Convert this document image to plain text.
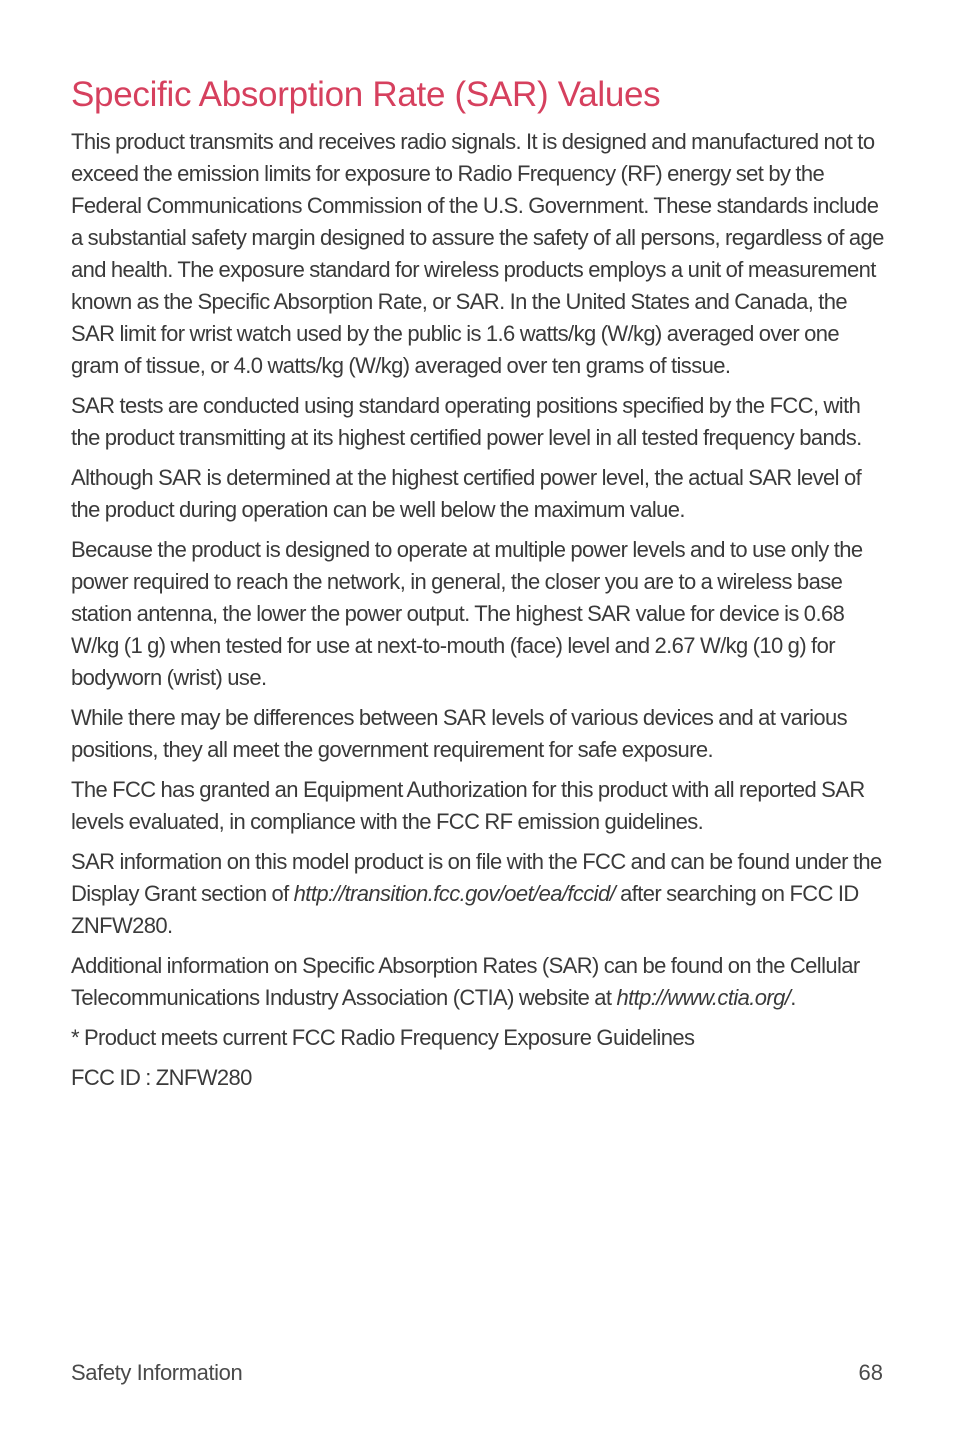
Specific Absorption Rate (SAR) Values

This product transmits and receives radio signals. It is designed and manufactured not to exceed the emission limits for exposure to Radio Frequency (RF) energy set by the Federal Communications Commission of the U.S. Government. These standards include a substantial safety margin designed to assure the safety of all persons, regardless of age and health. The exposure standard for wireless products employs a unit of measurement known as the Specific Absorption Rate, or SAR. In the United States and Canada, the SAR limit for wrist watch used by the public is 1.6 watts/kg (W/kg) averaged over one gram of tissue, or 4.0 watts/kg (W/kg) averaged over ten grams of tissue.

SAR tests are conducted using standard operating positions specified by the FCC, with the product transmitting at its highest certified power level in all tested frequency bands.

Although SAR is determined at the highest certified power level, the actual SAR level of the product during operation can be well below the maximum value.

Because the product is designed to operate at multiple power levels and to use only the power required to reach the network, in general, the closer you are to a wireless base station antenna, the lower the power output. The highest SAR value for device is 0.68 W/kg (1 g) when tested for use at next-to-mouth (face) level and 2.67 W/kg (10 g) for bodyworn (wrist) use.

While there may be differences between SAR levels of various devices and at various positions, they all meet the government requirement for safe exposure.

The FCC has granted an Equipment Authorization for this product with all reported SAR levels evaluated, in compliance with the FCC RF emission guidelines.

SAR information on this model product is on file with the FCC and can be found under the Display Grant section of http://transition.fcc.gov/oet/ea/fccid/ after searching on FCC ID ZNFW280.

Additional information on Specific Absorption Rates (SAR) can be found on the Cellular Telecommunications Industry Association (CTIA) website at http://www.ctia.org/.

* Product meets current FCC Radio Frequency Exposure Guidelines

FCC ID : ZNFW280

Safety Information	68
